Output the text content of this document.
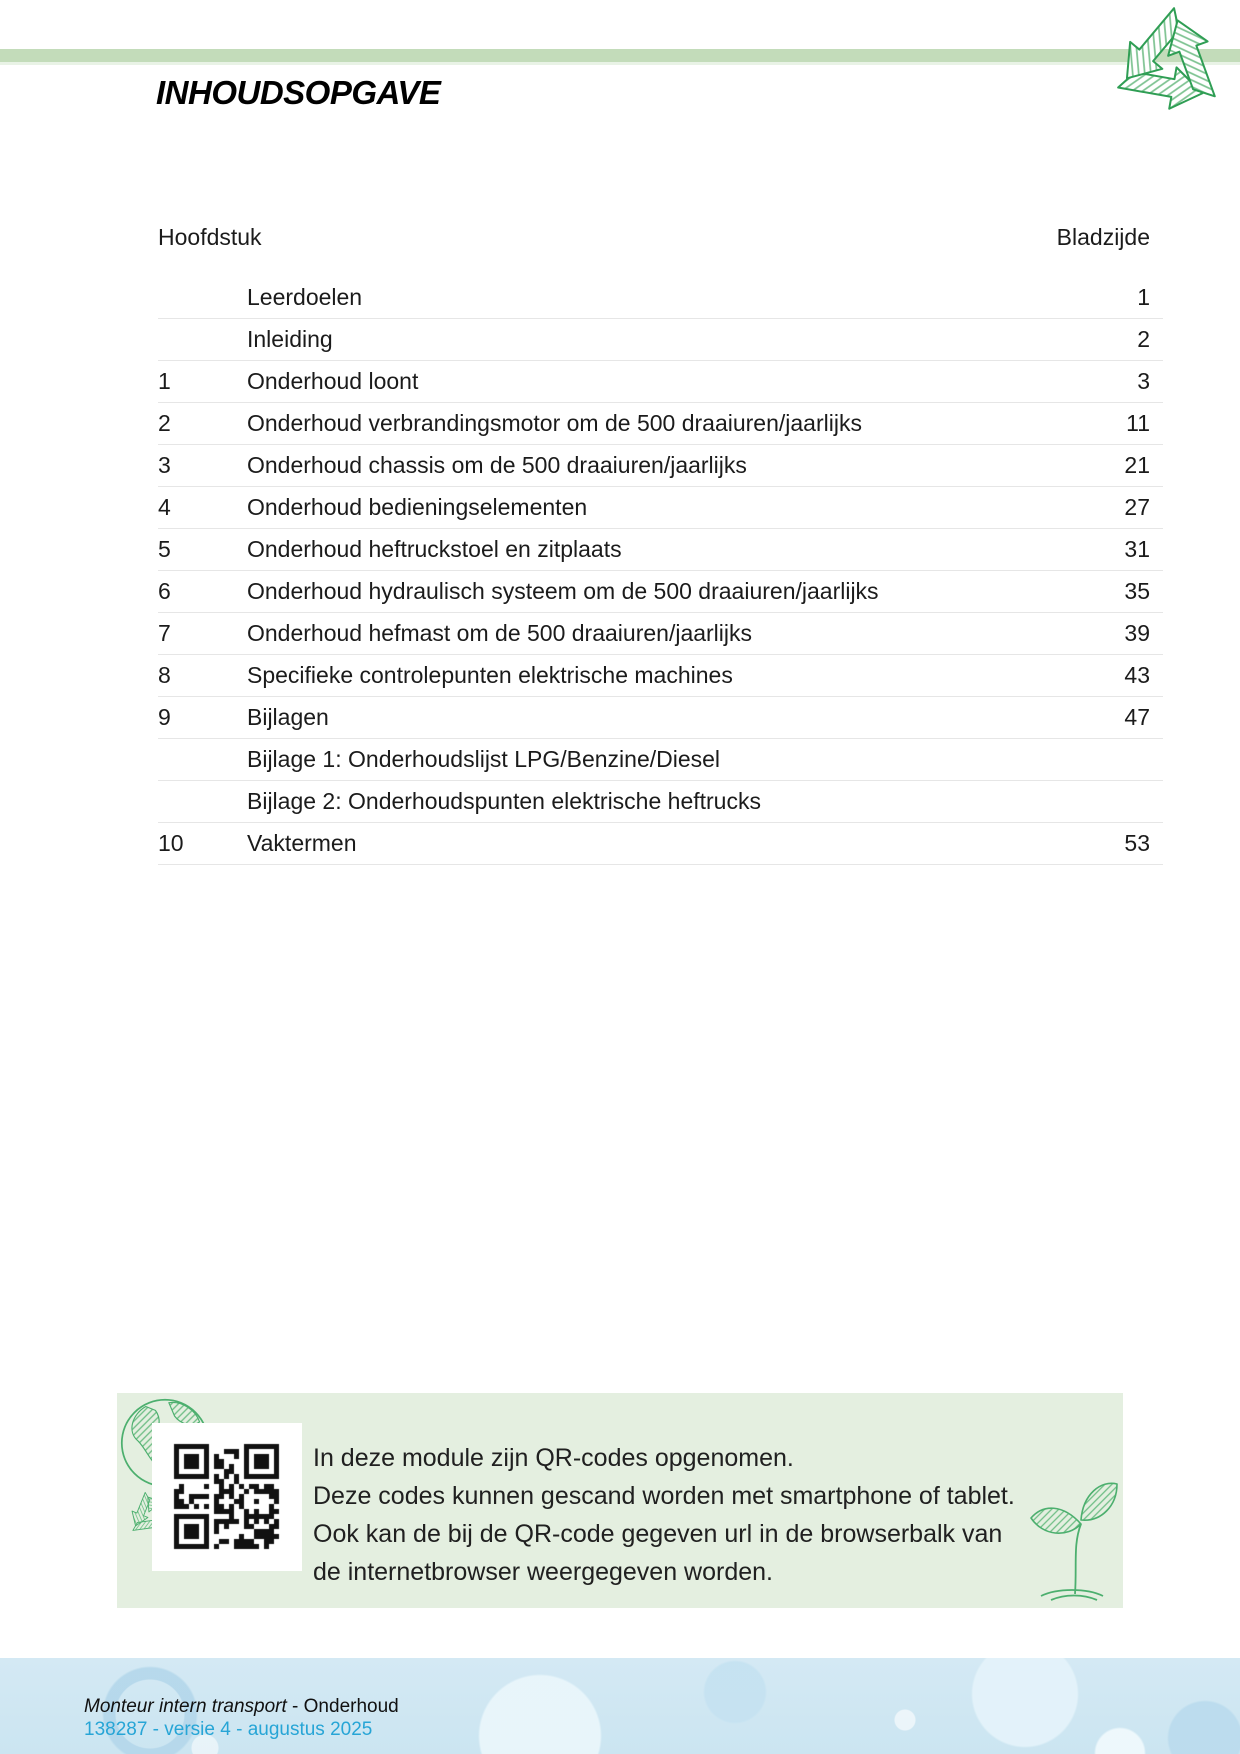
INHOUDSOPGAVE
Hoofdstuk	Bladzijde
Leerdoelen	1
Inleiding	2
1	Onderhoud loont	3
2	Onderhoud verbrandingsmotor om de 500 draaiuren/jaarlijks	11
3	Onderhoud chassis om de 500 draaiuren/jaarlijks	21
4	Onderhoud bedieningselementen	27
5	Onderhoud heftruckstoel en zitplaats	31
6	Onderhoud hydraulisch systeem om de 500 draaiuren/jaarlijks	35
7	Onderhoud hefmast om de 500 draaiuren/jaarlijks	39
8	Specifieke controlepunten elektrische machines	43
9	Bijlagen	47
Bijlage 1: Onderhoudslijst LPG/Benzine/Diesel
Bijlage 2: Onderhoudspunten elektrische heftrucks
10	Vaktermen	53
In deze module zijn QR-codes opgenomen.
Deze codes kunnen gescand worden met smartphone of tablet.
Ook kan de bij de QR-code gegeven url in de browserbalk van
de internetbrowser weergegeven worden.
Monteur intern transport - Onderhoud
138287 - versie 4 - augustus 2025
